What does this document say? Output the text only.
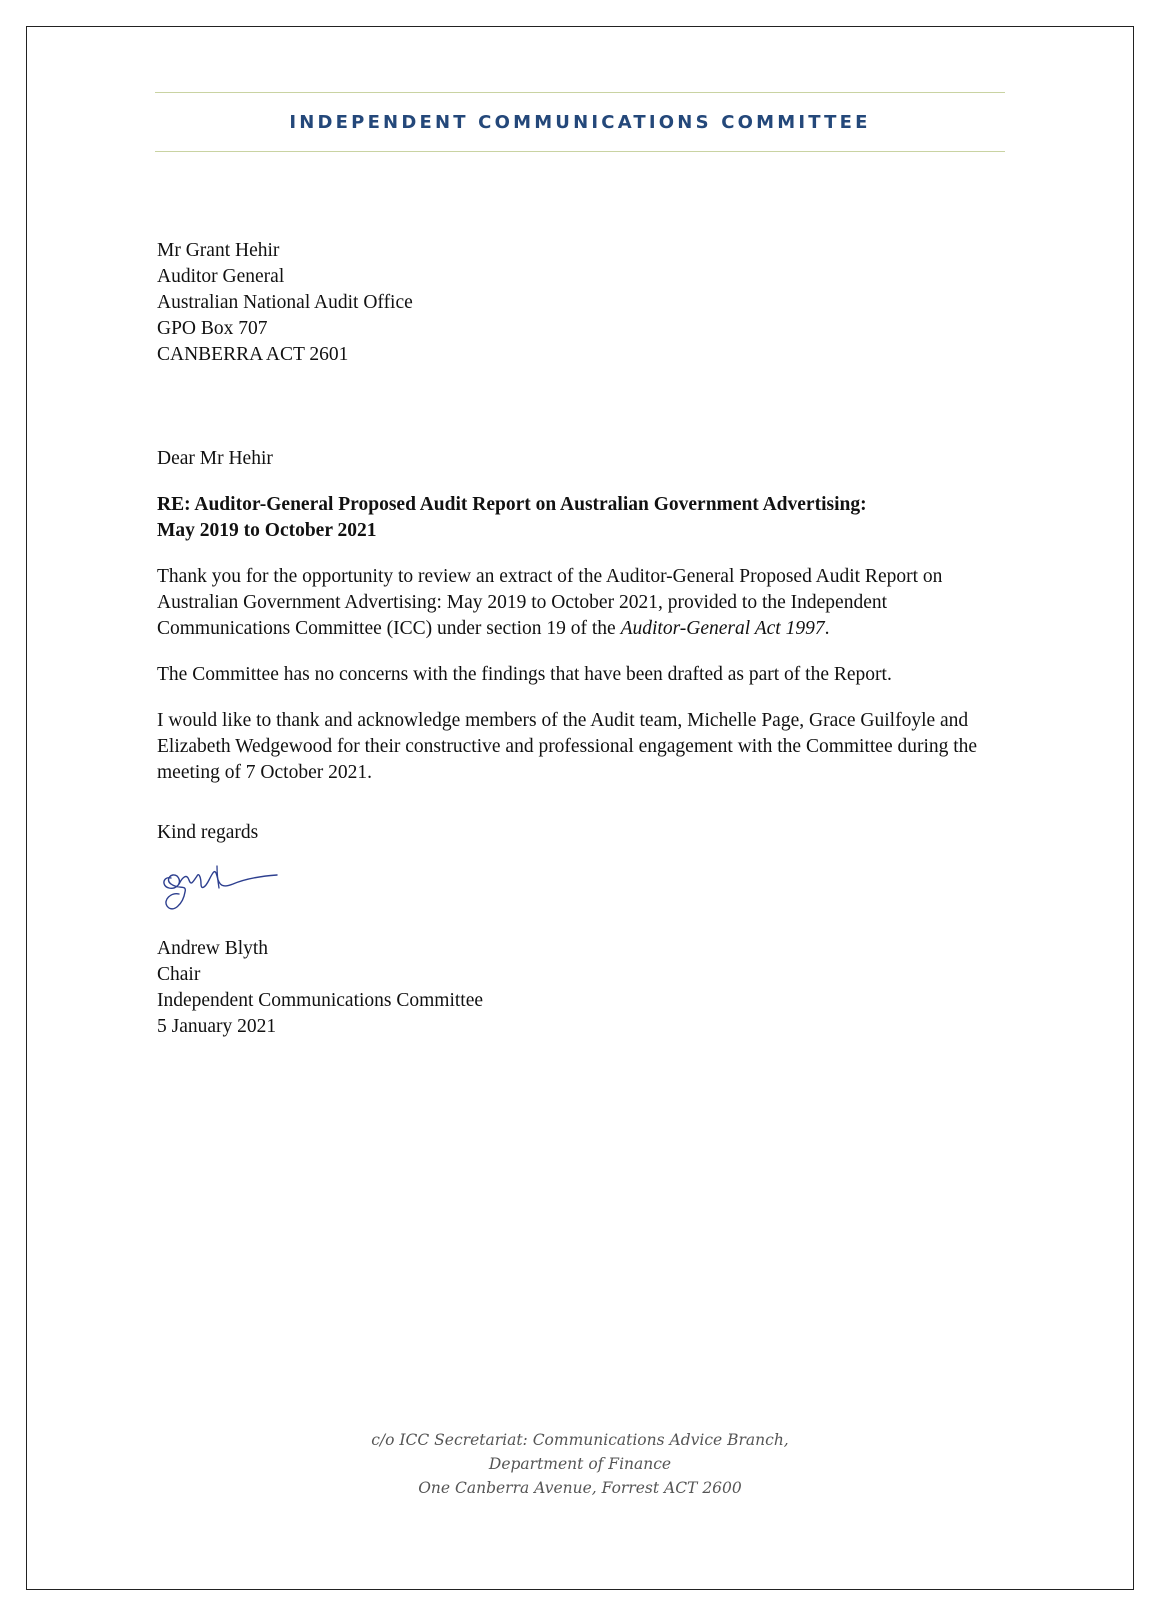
INDEPENDENT COMMUNICATIONS COMMITTEE
Mr Grant Hehir
Auditor General
Australian National Audit Office
GPO Box 707
CANBERRA ACT 2601
Dear Mr Hehir
RE: Auditor-General Proposed Audit Report on Australian Government Advertising:
May 2019 to October 2021
Thank you for the opportunity to review an extract of the Auditor-General Proposed Audit Report on Australian Government Advertising: May 2019 to October 2021, provided to the Independent Communications Committee (ICC) under section 19 of the Auditor-General Act 1997.
The Committee has no concerns with the findings that have been drafted as part of the Report.
I would like to thank and acknowledge members of the Audit team, Michelle Page, Grace Guilfoyle and Elizabeth Wedgewood for their constructive and professional engagement with the Committee during the meeting of 7 October 2021.
Kind regards
Andrew Blyth
Chair
Independent Communications Committee
5 January 2021
c/o ICC Secretariat: Communications Advice Branch,
Department of Finance
One Canberra Avenue, Forrest ACT 2600
